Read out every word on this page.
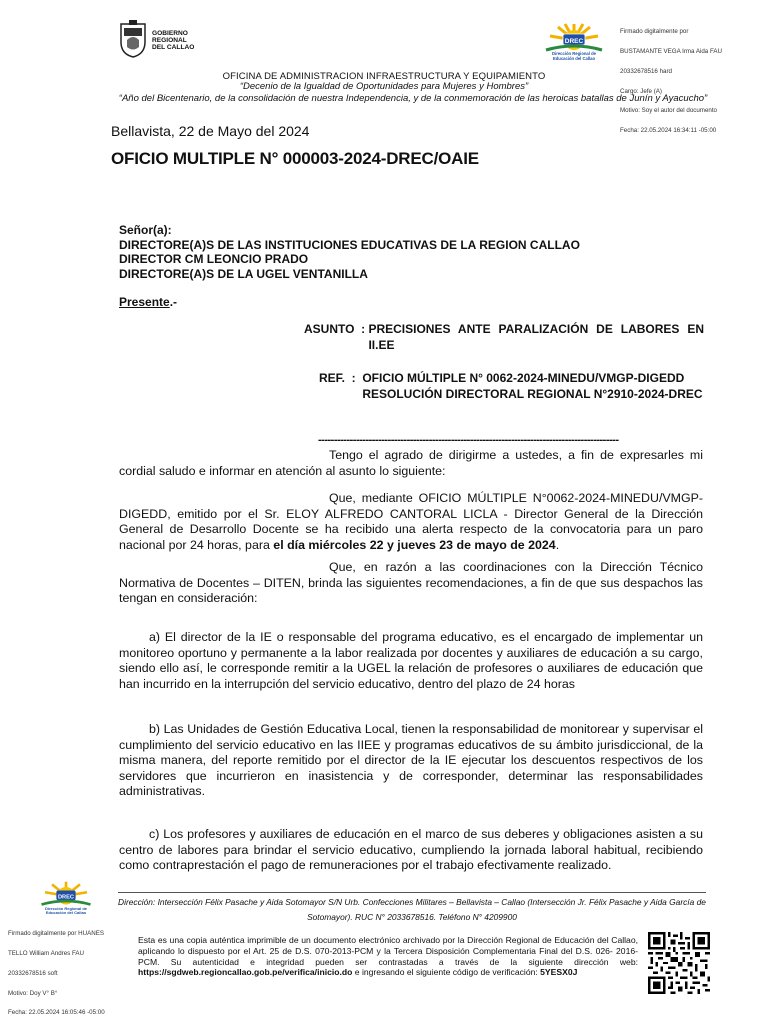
GOBIERNO
REGIONAL
DEL CALLAO
DREC
Dirección Regional de
Educación del Callao

Firmado digitalmente por

BUSTAMANTE VEGA Irma Aida FAU

20332678516 hard

Cargo: Jefe (A)

Motivo: Soy el autor del documento

Fecha: 22.05.2024 16:34:11 -05:00

OFICINA DE ADMINISTRACION INFRAESTRUCTURA Y EQUIPAMIENTO
“Decenio de la Igualdad de Oportunidades para Mujeres y Hombres”
“Año del Bicentenario, de la consolidación de nuestra Independencia, y de la conmemoración de las heroicas batallas de Junín y Ayacucho”
Bellavista, 22 de Mayo del 2024
OFICIO MULTIPLE N° 000003-2024-DREC/OAIE
Señor(a):
DIRECTORE(A)S DE LAS INSTITUCIONES EDUCATIVAS DE LA REGION CALLAO
DIRECTOR CM LEONCIO PRADO
DIRECTORE(A)S DE LA UGEL VENTANILLA
Presente.-
ASUNTO  : PRECISIONES ANTE PARALIZACIÓN DE LABORES EN II.EE
REF.  : OFICIO MÚLTIPLE N° 0062-2024-MINEDU/VMGP-DIGEDD
RESOLUCIÓN DIRECTORAL REGIONAL N°2910-2024-DREC
-----------------------------------------------------------------------------------------------

Tengo el agrado de dirigirme a ustedes, a fin de expresarles mi cordial saludo e informar en atención al asunto lo siguiente:

Que, mediante OFICIO MÚLTIPLE N°0062-2024-MINEDU/VMGP-DIGEDD, emitido por el Sr. ELOY ALFREDO CANTORAL LICLA - Director General de la Dirección General de Desarrollo Docente se ha recibido una alerta respecto de la convocatoria para un paro nacional por 24 horas, para el día miércoles 22 y jueves 23 de mayo de 2024.

Que, en razón a las coordinaciones con la Dirección Técnico Normativa de Docentes – DITEN, brinda las siguientes recomendaciones, a fin de que sus despachos las tengan en consideración:

a) El director de la IE o responsable del programa educativo, es el encargado de implementar un monitoreo oportuno y permanente a la labor realizada por docentes y auxiliares de educación a su cargo, siendo ello así, le corresponde remitir a la UGEL la relación de profesores o auxiliares de educación que han incurrido en la interrupción del servicio educativo, dentro del plazo de 24 horas

b) Las Unidades de Gestión Educativa Local, tienen la responsabilidad de monitorear y supervisar el cumplimiento del servicio educativo en las IIEE y programas educativos de su ámbito jurisdiccional, de la misma manera, del reporte remitido por el director de la IE ejecutar los descuentos respectivos de los servidores que incurrieron en inasistencia y de corresponder, determinar las responsabilidades administrativas.

c) Los profesores y auxiliares de educación en el marco de sus deberes y obligaciones asisten a su centro de labores para brindar el servicio educativo, cumpliendo la jornada laboral habitual, recibiendo como contraprestación el pago de remuneraciones por el trabajo efectivamente realizado.

Dirección: Intersección Félix Pasache y Aida Sotomayor S/N Urb. Confecciones Militares – Bellavista – Callao (Intersección Jr. Félix Pasache y Aida García de Sotomayor). RUC N° 2033678516. Teléfono N° 4209900
DREC
Dirección Regional de
Educación del Callao

Firmado digitalmente por HUANES

TELLO William Andres FAU

20332678516 soft

Motivo: Doy V° B°

Fecha: 22.05.2024 16:05:46 -05:00

Esta es una copia auténtica imprimible de un documento electrónico archivado por la Dirección Regional de Educación del Callao, aplicando lo dispuesto por el Art. 25 de D.S. 070-2013-PCM y la Tercera Disposición Complementaria Final del D.S. 026- 2016-PCM. Su autenticidad e integridad pueden ser contrastadas a través de la siguiente dirección web: https://sgdweb.regioncallao.gob.pe/verifica/inicio.do e ingresando el siguiente código de verificación: 5YESX0J
